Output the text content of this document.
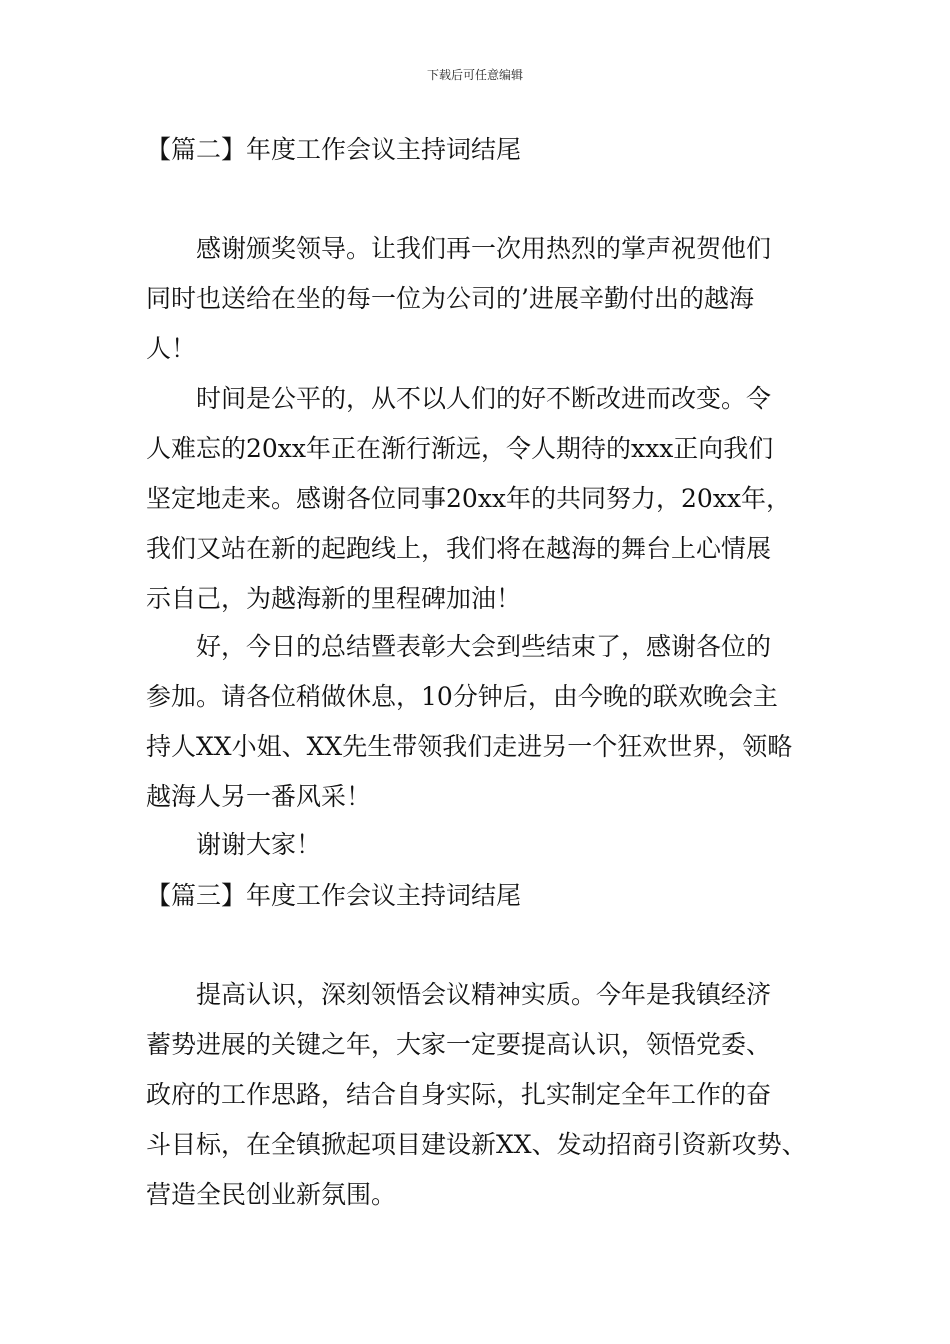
下载后可任意编辑
【篇二】年度工作会议主持词结尾
感谢颁奖领导。让我们再一次用热烈的掌声祝贺他们
同时也送给在坐的每一位为公司的’进展辛勤付出的越海
人！
时间是公平的，从不以人们的好不断改进而改变。令
人难忘的20xx年正在渐行渐远，令人期待的xxx正向我们
坚定地走来。感谢各位同事20xx年的共同努力，20xx年，
我们又站在新的起跑线上，我们将在越海的舞台上心情展
示自己，为越海新的里程碑加油！
好，今日的总结暨表彰大会到些结束了，感谢各位的
参加。请各位稍做休息，10分钟后，由今晚的联欢晚会主
持人XX小姐、XX先生带领我们走进另一个狂欢世界，领略
越海人另一番风采！
谢谢大家！
【篇三】年度工作会议主持词结尾
提高认识，深刻领悟会议精神实质。今年是我镇经济
蓄势进展的关键之年，大家一定要提高认识，领悟党委、
政府的工作思路，结合自身实际，扎实制定全年工作的奋
斗目标，在全镇掀起项目建设新XX、发动招商引资新攻势、
营造全民创业新氛围。
